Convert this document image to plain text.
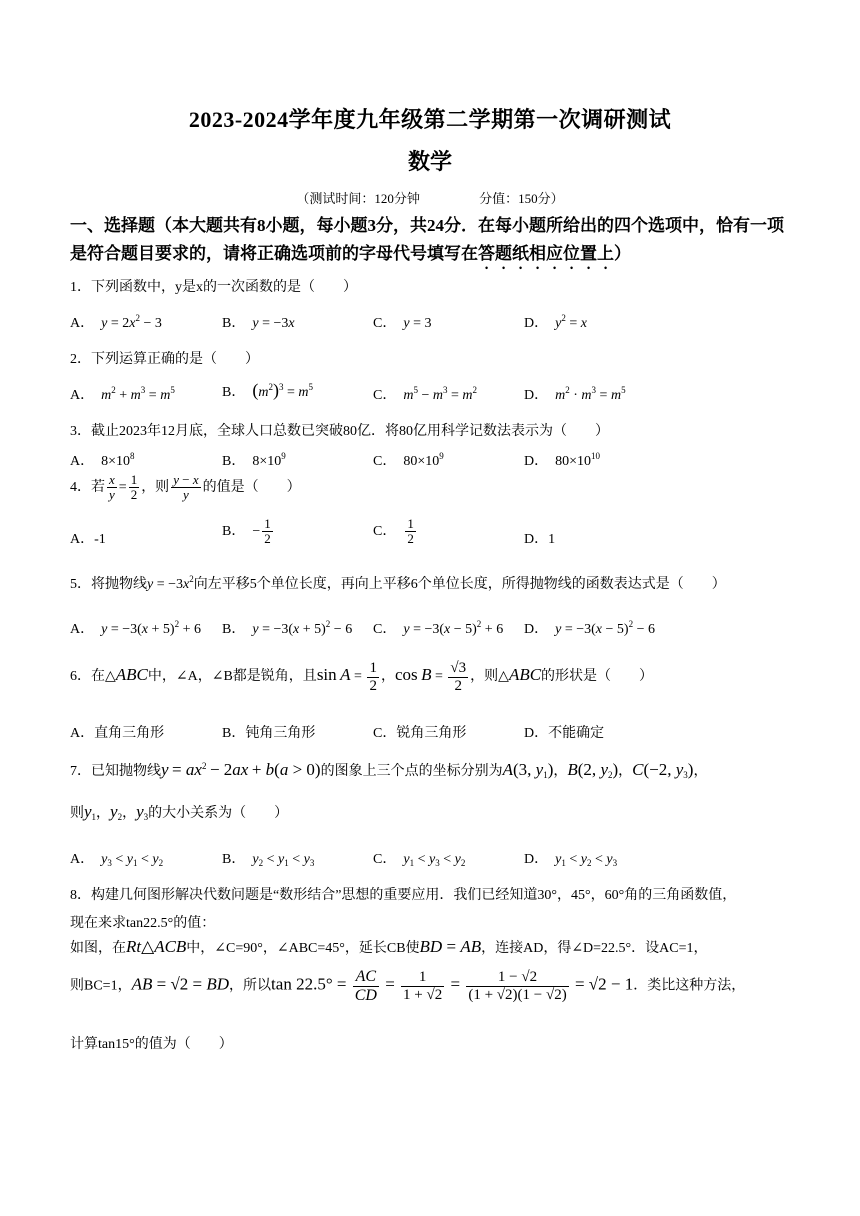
2023-2024学年度九年级第二学期第一次调研测试
数学
（测试时间：120分钟	分值：150分）
一、选择题（本大题共有8小题，每小题3分，共24分．在每小题所给出的四个选项中，恰有一项是符合题目要求的，请将正确选项前的字母代号填写在答题纸相应位置上）
1．下列函数中，y是x的一次函数的是（　　）
A．  $y = 2x^2 - 3$	B．  y = −3x	C．  y = 3	D．  $y^2 = x$
2．下列运算正确的是（　　）
A．  $m^2 + m^3 = m^5$	B．  $(m^2)^3 = m^5$
C．  $m^5 - m^3 = m^2$	D．  $m^2 \cdot m^3 = m^5$
3．截止2023年12月底，全球人口总数已突破80亿．将80亿用科学记数法表示为（　　）
A．  $8\times 10^8$	B．  $8\times 10^9$	C．  $80\times 10^9$	D．  $80\times 10^{10}$
4．若 $\frac{x}{y} = \frac{1}{2}$ ，则 $\frac{y - x}{y}$ 的值是（　　）
A．-1
B．  − $\frac{1}{2}$	C． $\frac{1}{2}$	D．1
5．将抛物线$y = -3x^2$向左平移5个单位长度，再向上平移6个单位长度，所得抛物线的函数表达式是（　　）
A．  $y = -3(x + 5)^2 + 6$ B．  $y = -3(x + 5)^2 - 6$ C．  $y = -3(x - 5)^2 + 6$ D．  $y = -3(x - 5)^2 - 6$
6．在△ABC中，∠A，∠B都是锐角，且$\sin A = \frac{1}{2}$ ，$\cos B = \frac{√3}{2}$ ，则△ABC的形状是（　　）
A．直角三角形	B．钝角三角形	C．锐角三角形	D．不能确定
7．已知抛物线$y = ax^2 - 2ax + b(a > 0)$的图象上三个点的坐标分别为A(3, $y_1$)，B(2, $y_2$)，C(−2, $y_3$)，
则$y_1$，$y_2$，$y_3$的大小关系为（　　）
A．  $y_3 < y_1 < y_2$	B．  $y_2 < y_1 < y_3$	C．  $y_1 < y_3 < y_2$	D．  $y_1 < y_2 < y_3$
8．构建几何图形解决代数问题是“数形结合”思想的重要应用．我们已经知道30°，45°，60°角的三角函数值，
现在来求tan22.5°的值：
如图，在Rt△ACB中，∠C=90°，∠ABC=45°，延长CB使BD = AB，连接AD，得∠D=22.5°．设AC=1，
则BC=1，AB = √2 = BD，所以$\tan 22.5^\circ = \frac{AC}{CD} = \frac{1}{1 + √2} = \frac{1 - √2}{(1 + √2)(1 - √2)} = √2 - 1$．类比这种方法，
计算tan15°的值为（　　）
